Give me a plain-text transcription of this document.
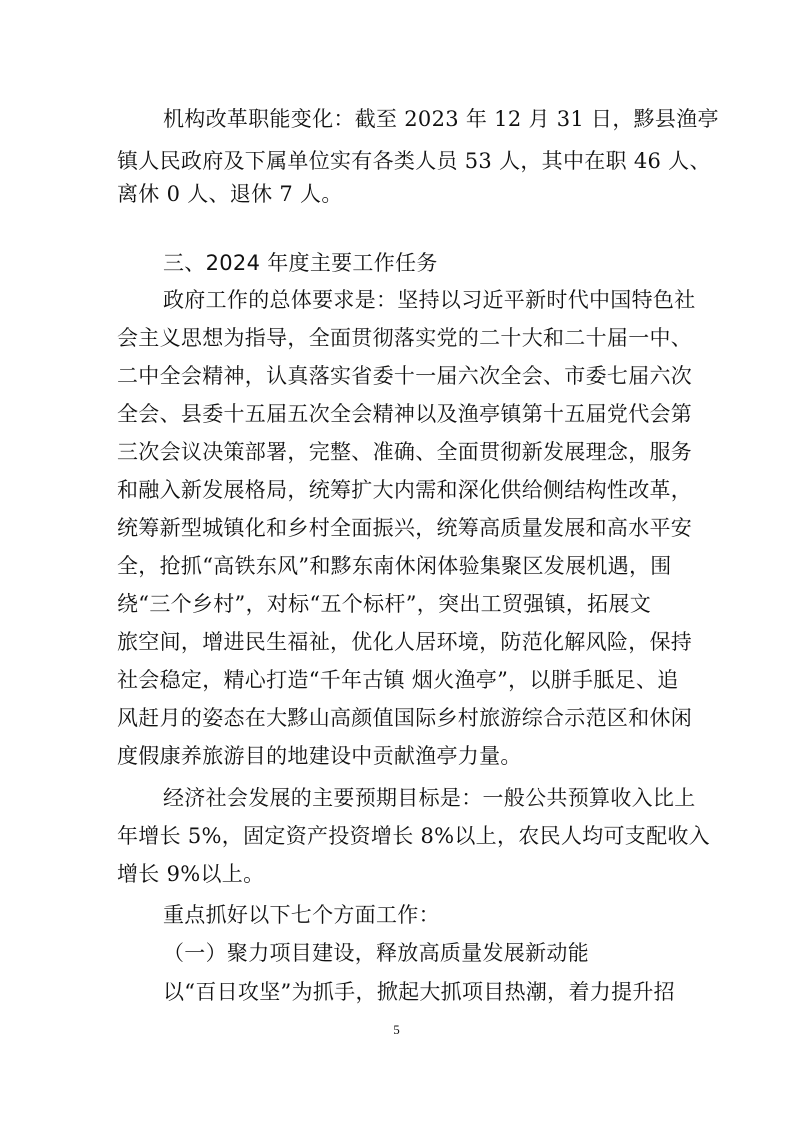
机构改革职能变化：截至 2023 年 12 月 31 日，黟县渔亭
镇人民政府及下属单位实有各类人员 53 人，其中在职 46 人、
离休 0 人、退休 7 人。
三、2024 年度主要工作任务
政府工作的总体要求是：坚持以习近平新时代中国特色社
会主义思想为指导，全面贯彻落实党的二十大和二十届一中、
二中全会精神，认真落实省委十一届六次全会、市委七届六次
全会、县委十五届五次全会精神以及渔亭镇第十五届党代会第
三次会议决策部署，完整、准确、全面贯彻新发展理念，服务
和融入新发展格局，统筹扩大内需和深化供给侧结构性改革，
统筹新型城镇化和乡村全面振兴，统筹高质量发展和高水平安
全，抢抓“高铁东风”和黟东南休闲体验集聚区发展机遇，围
绕“三个乡村”，对标“五个标杆”，突出工贸强镇，拓展文
旅空间，增进民生福祉，优化人居环境，防范化解风险，保持
社会稳定，精心打造“千年古镇 烟火渔亭”，以胼手胝足、追
风赶月的姿态在大黟山高颜值国际乡村旅游综合示范区和休闲
度假康养旅游目的地建设中贡献渔亭力量。
经济社会发展的主要预期目标是：一般公共预算收入比上
年增长 5%，固定资产投资增长 8%以上，农民人均可支配收入
增长 9%以上。
重点抓好以下七个方面工作：
（一）聚力项目建设，释放高质量发展新动能
以“百日攻坚”为抓手，掀起大抓项目热潮，着力提升招
5
